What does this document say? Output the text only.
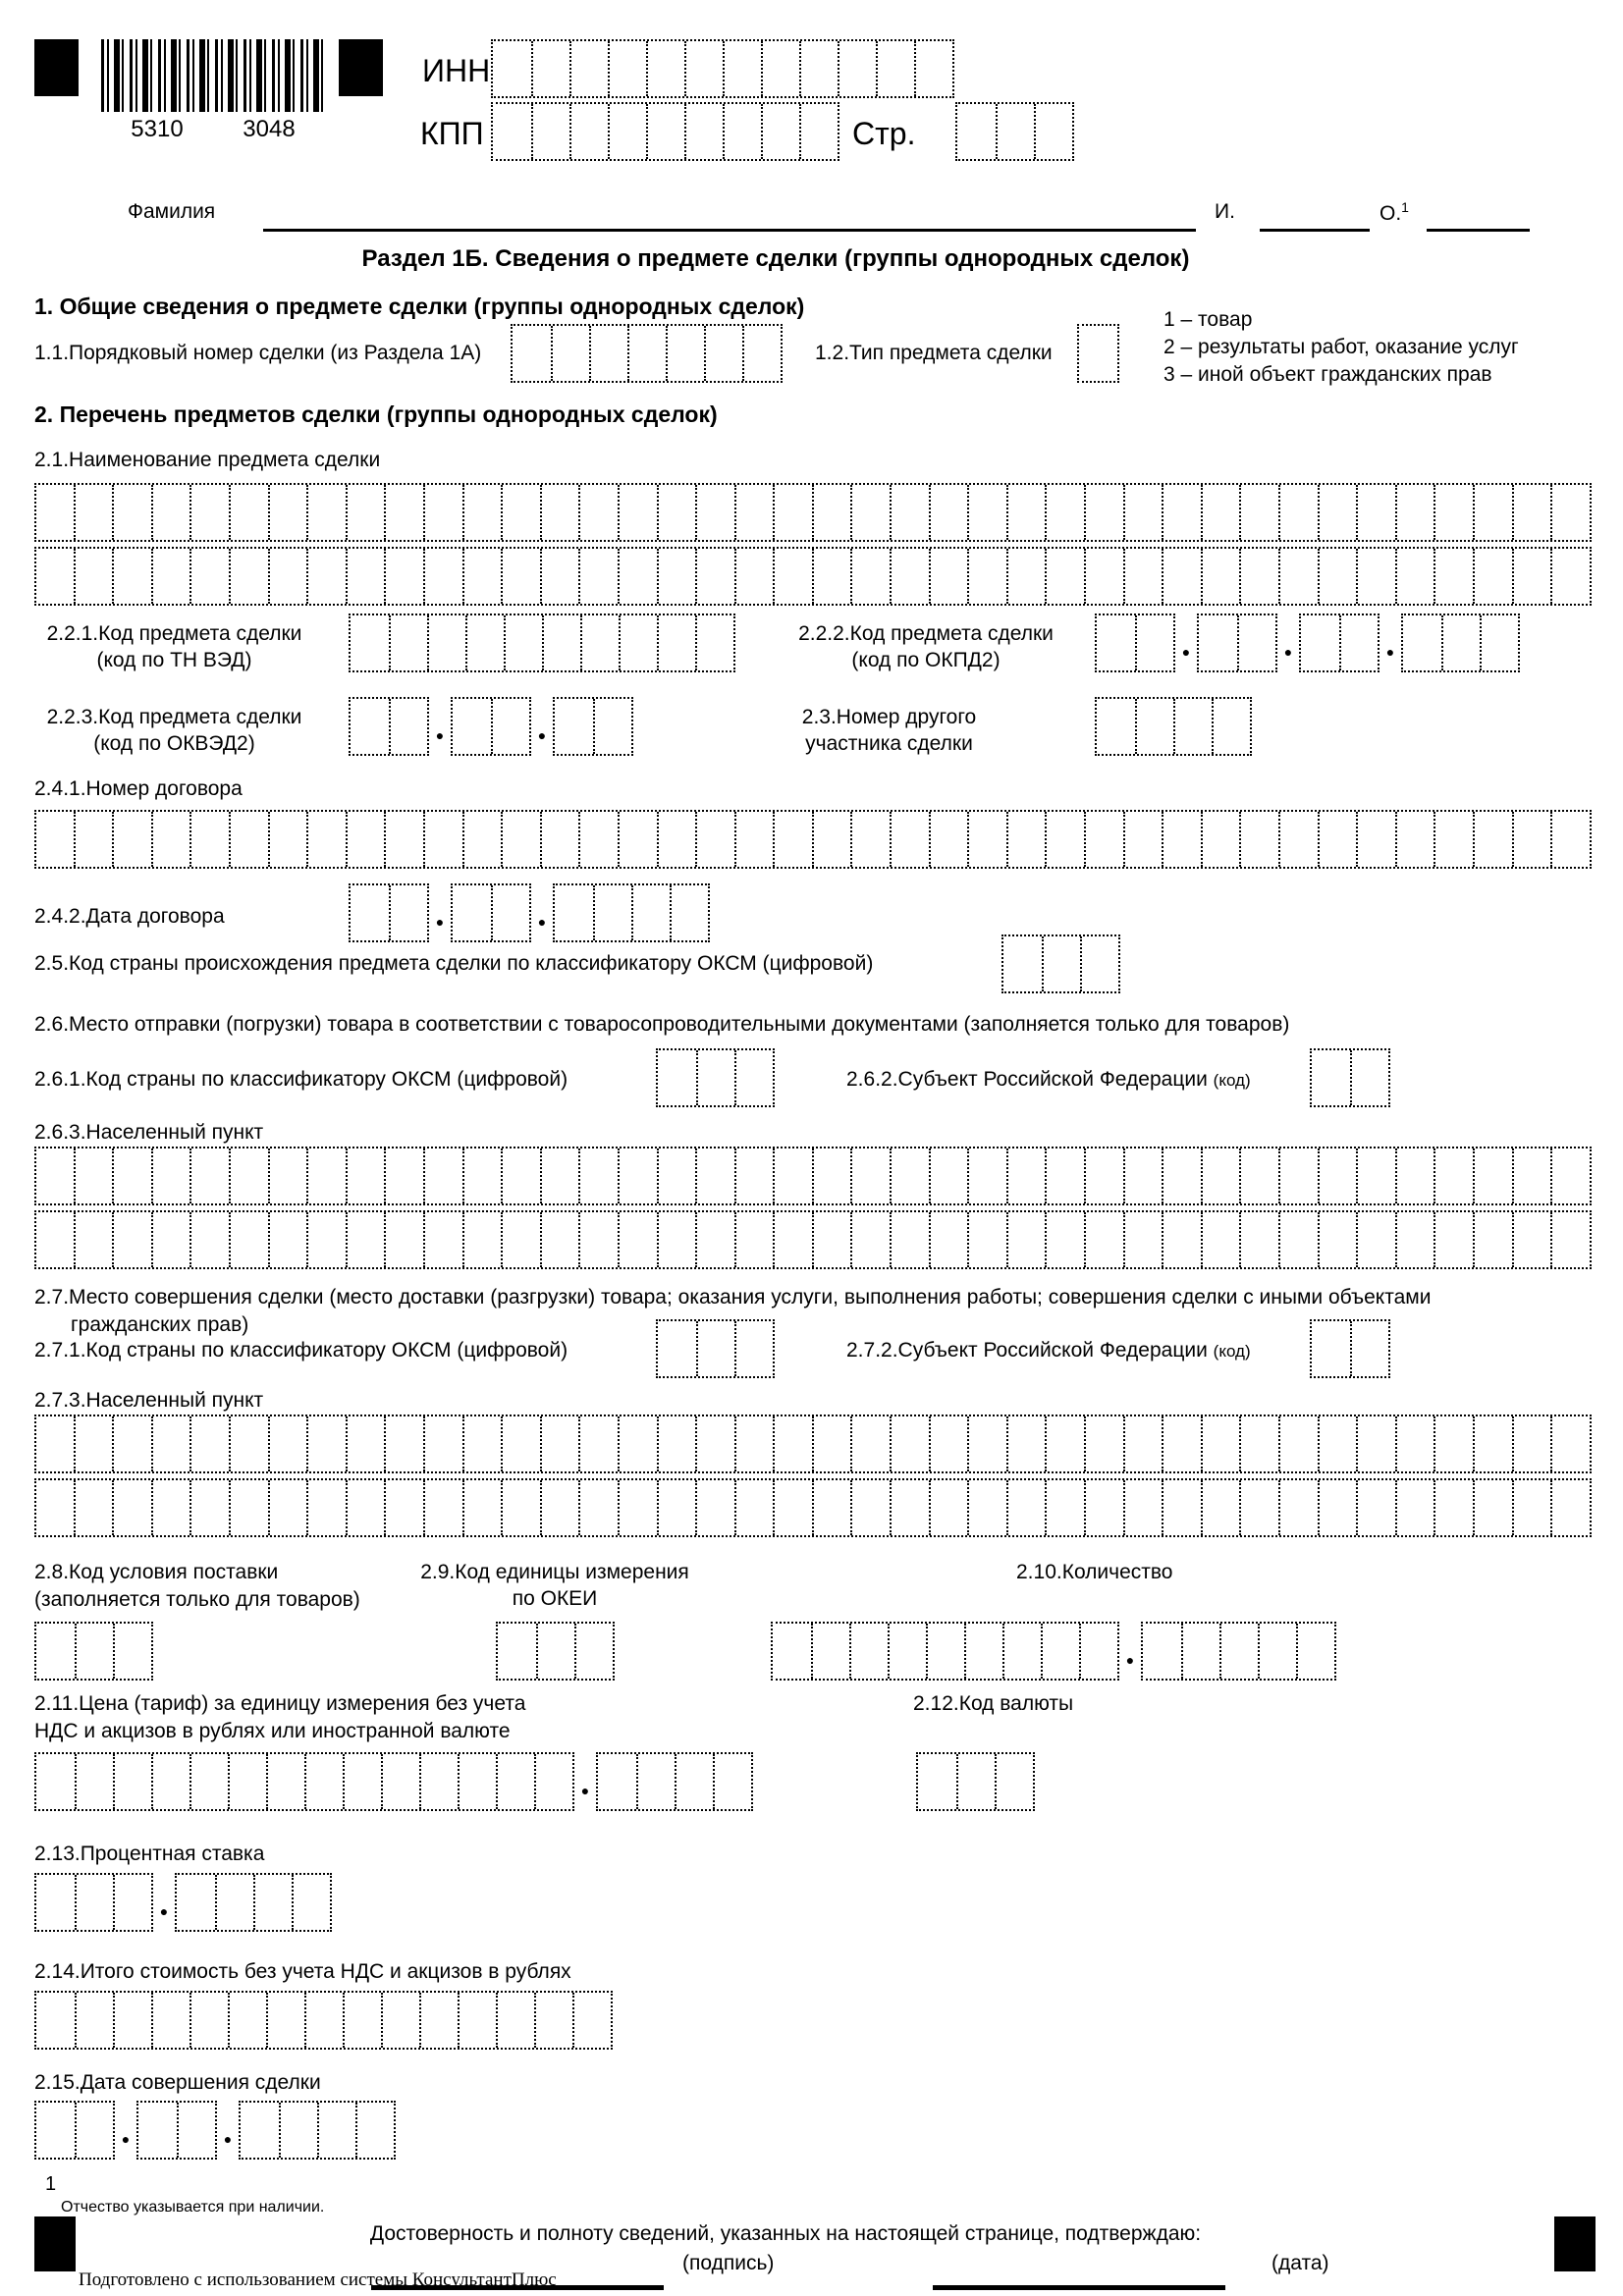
5310	3048
ИНН
КПП	Стр.
Фамилия	И.	О.$^1$
Раздел 1Б. Сведения о предмете сделки (группы однородных сделок)
1. Общие сведения о предмете сделки (группы однородных сделок)
1.1.Порядковый номер сделки (из Раздела 1А)	1.2.Тип предмета сделки
1 – товар
2 – результаты работ, оказание услуг
3 – иной объект гражданских прав
2. Перечень предметов сделки (группы однородных сделок)
2.1.Наименование предмета сделки
2.2.1.Код предмета сделки
(код по ТН ВЭД)
2.2.2.Код предмета сделки
(код по ОКПД2)	●	●	●
2.2.3.Код предмета сделки
(код по ОКВЭД2)	●	●
2.3.Номер другого
участника сделки
2.4.1.Номер договора
2.4.2.Дата договора	●	●
2.5.Код страны происхождения предмета сделки по классификатору ОКСМ (цифровой)
2.6.Место отправки (погрузки) товара в соответствии с товаросопроводительными документами (заполняется только для товаров)
2.6.1.Код страны по классификатору ОКСМ (цифровой)	2.6.2.Субъект Российской Федерации (код)
2.6.3.Населенный пункт
2.7.Место совершения сделки (место доставки (разгрузки) товара; оказания услуги, выполнения работы; совершения сделки с иными объектами
гражданских прав)
2.7.1.Код страны по классификатору ОКСМ (цифровой)	2.7.2.Субъект Российской Федерации (код)
2.7.3.Населенный пункт
2.8.Код условия поставки
(заполняется только для товаров)
2.9.Код единицы измерения
по ОКЕИ
2.10.Количество
●
2.11.Цена (тариф) за единицу измерения без учета
НДС и акцизов в рублях или иностранной валюте
●
2.12.Код валюты
2.13.Процентная ставка
●
2.14.Итого стоимость без учета НДС и акцизов в рублях
2.15.Дата совершения сделки
●	●
1
Отчество указывается при наличии.
Достоверность и полноту сведений, указанных на настоящей странице, подтверждаю:
(подпись)	(дата)
Подготовлено с использованием системы КонсультантПлюс
